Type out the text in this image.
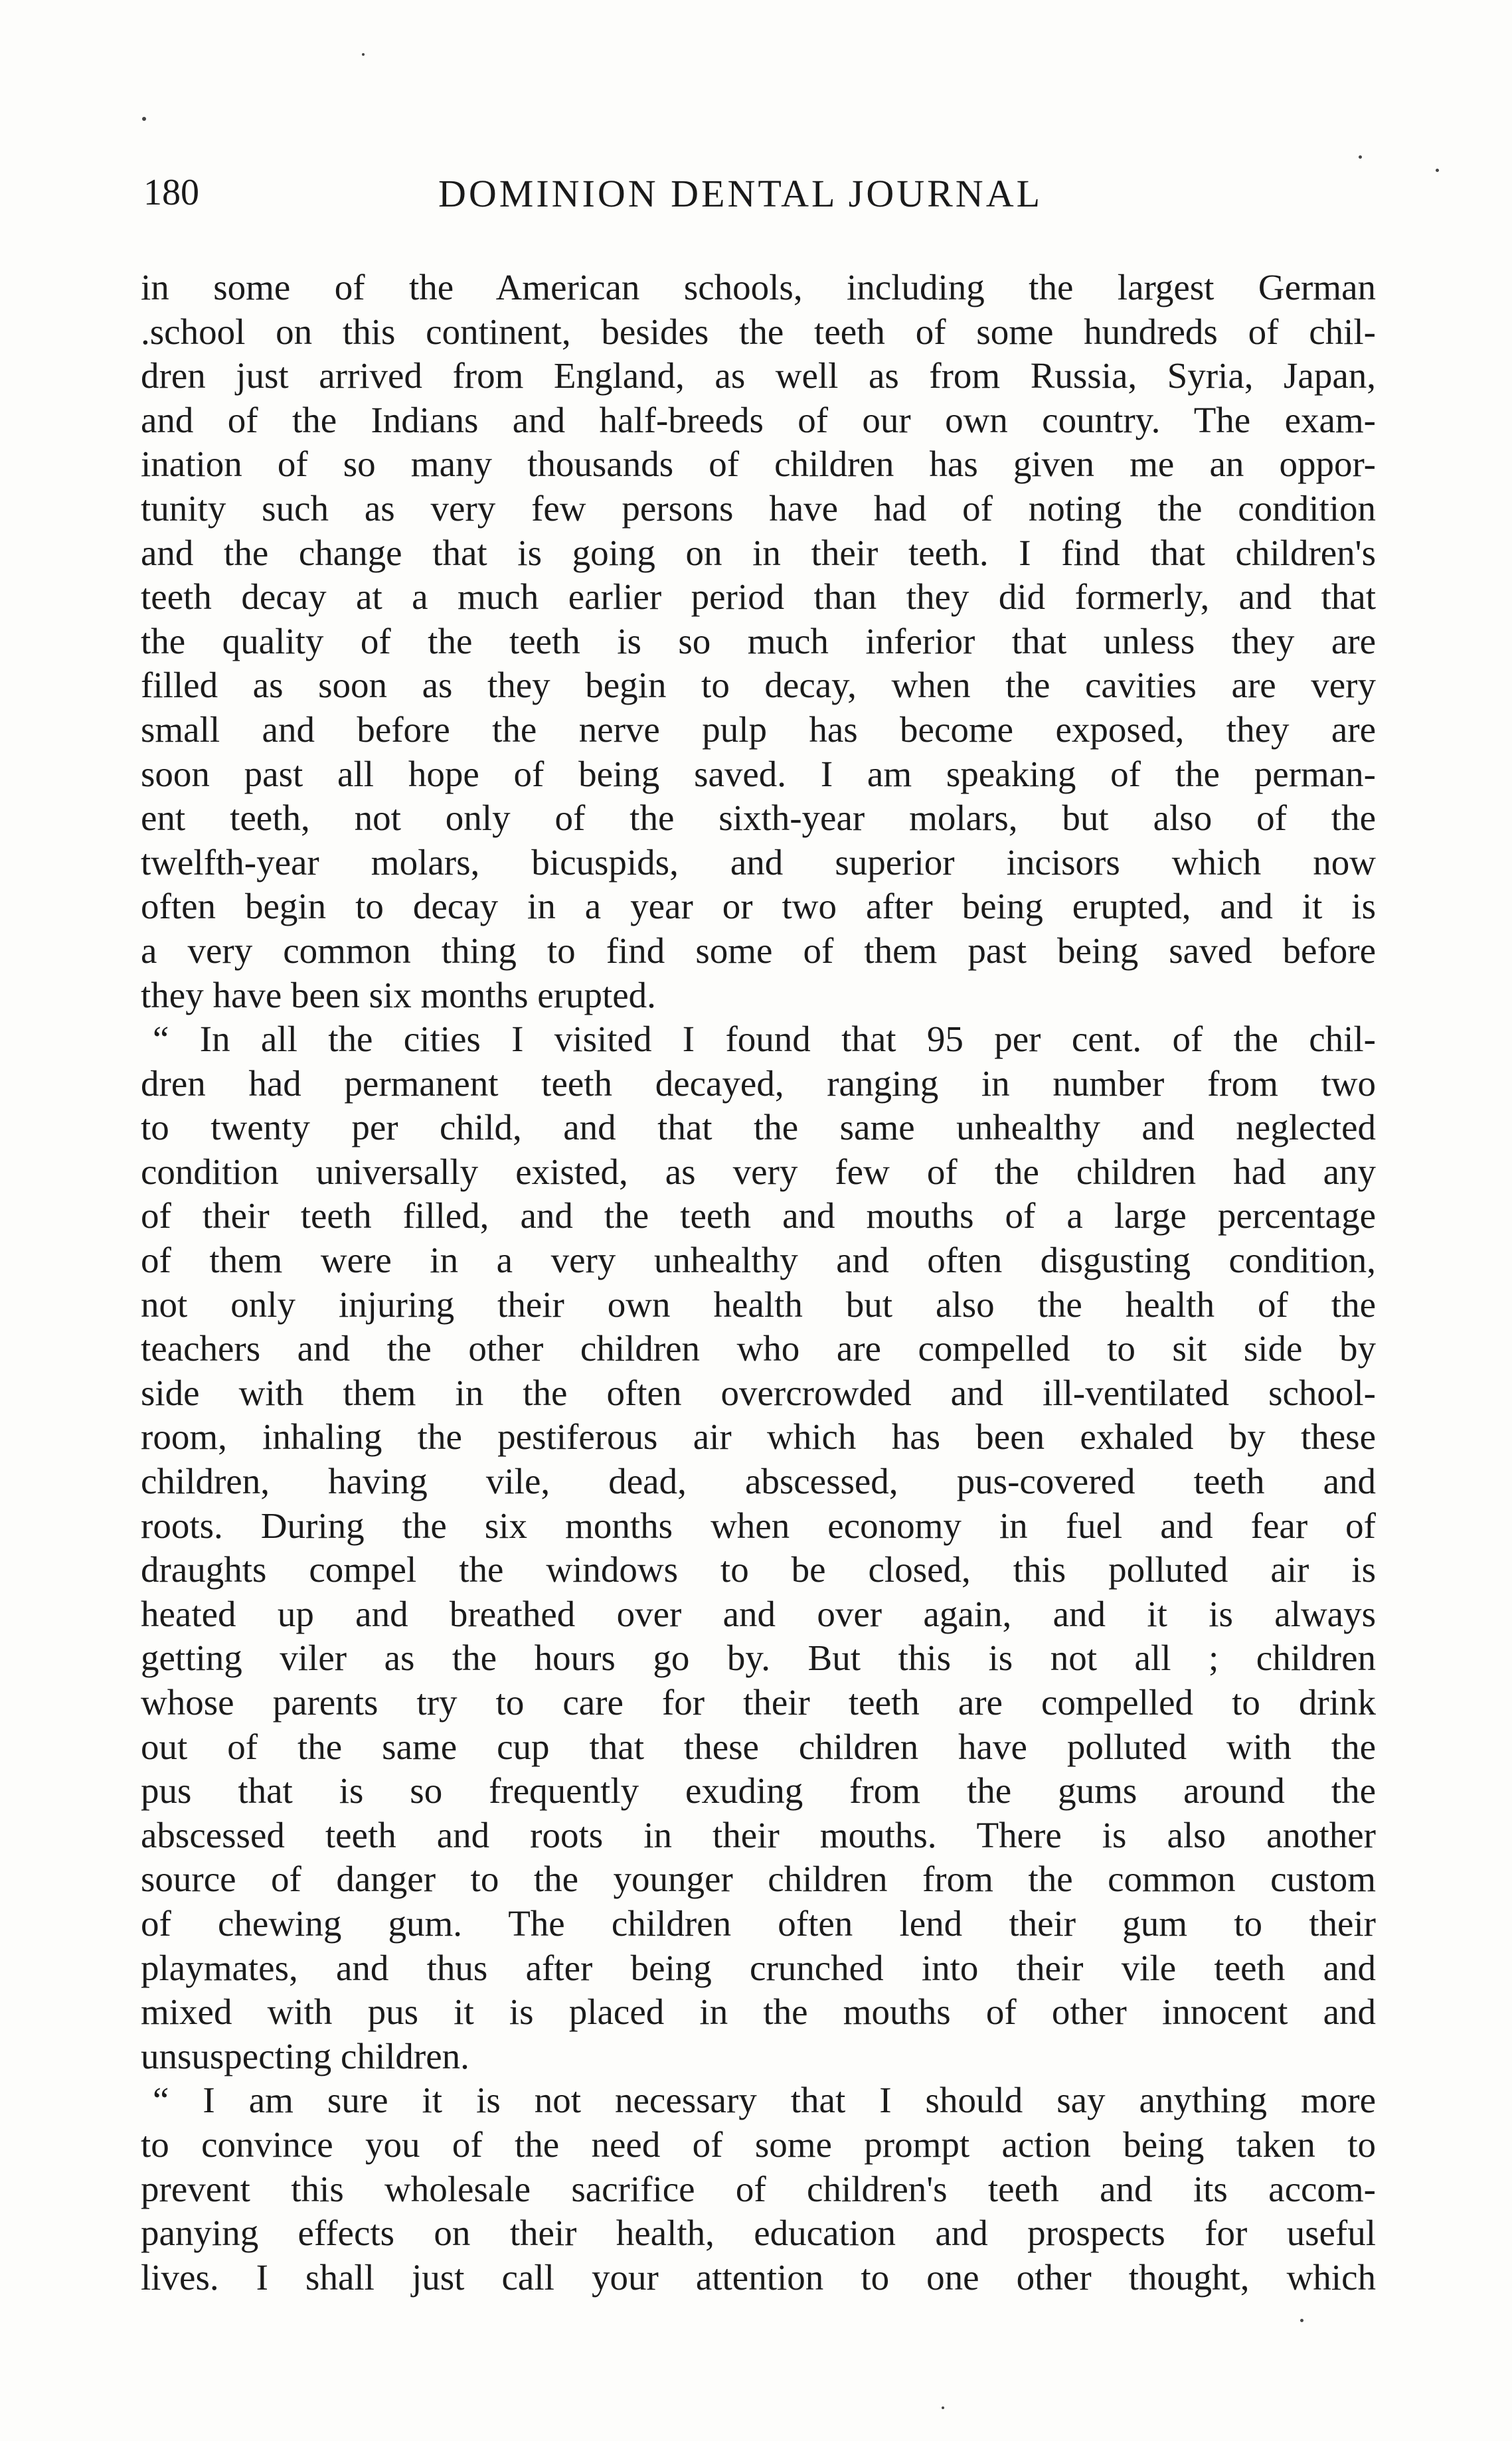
180	DOMINION DENTAL JOURNAL
in some of the American schools, including the largest German
.school on this continent, besides the teeth of some hundreds of chil-
dren just arrived from England, as well as from Russia, Syria, Japan,
and of the Indians and half-breeds of our own country. The exam-
ination of so many thousands of children has given me an oppor-
tunity such as very few persons have had of noting the condition
and the change that is going on in their teeth. I find that children's
teeth decay at a much earlier period than they did formerly, and that
the quality of the teeth is so much inferior that unless they are
filled as soon as they begin to decay, when the cavities are very
small and before the nerve pulp has become exposed, they are
soon past all hope of being saved. I am speaking of the perman-
ent teeth, not only of the sixth-year molars, but also of the
twelfth-year molars, bicuspids, and superior incisors which now
often begin to decay in a year or two after being erupted, and it is
a very common thing to find some of them past being saved before
they have been six months erupted.
“ In all the cities I visited I found that 95 per cent. of the chil-
dren had permanent teeth decayed, ranging in number from two
to twenty per child, and that the same unhealthy and neglected
condition universally existed, as very few of the children had any
of their teeth filled, and the teeth and mouths of a large percentage
of them were in a very unhealthy and often disgusting condition,
not only injuring their own health but also the health of the
teachers and the other children who are compelled to sit side by
side with them in the often overcrowded and ill-ventilated school-
room, inhaling the pestiferous air which has been exhaled by these
children, having vile, dead, abscessed, pus-covered teeth and
roots. During the six months when economy in fuel and fear of
draughts compel the windows to be closed, this polluted air is
heated up and breathed over and over again, and it is always
getting viler as the hours go by. But this is not all ; children
whose parents try to care for their teeth are compelled to drink
out of the same cup that these children have polluted with the
pus that is so frequently exuding from the gums around the
abscessed teeth and roots in their mouths. There is also another
source of danger to the younger children from the common custom
of chewing gum. The children often lend their gum to their
playmates, and thus after being crunched into their vile teeth and
mixed with pus it is placed in the mouths of other innocent and
unsuspecting children.
“ I am sure it is not necessary that I should say anything more
to convince you of the need of some prompt action being taken to
prevent this wholesale sacrifice of children's teeth and its accom-
panying effects on their health, education and prospects for useful
lives. I shall just call your attention to one other thought, which
